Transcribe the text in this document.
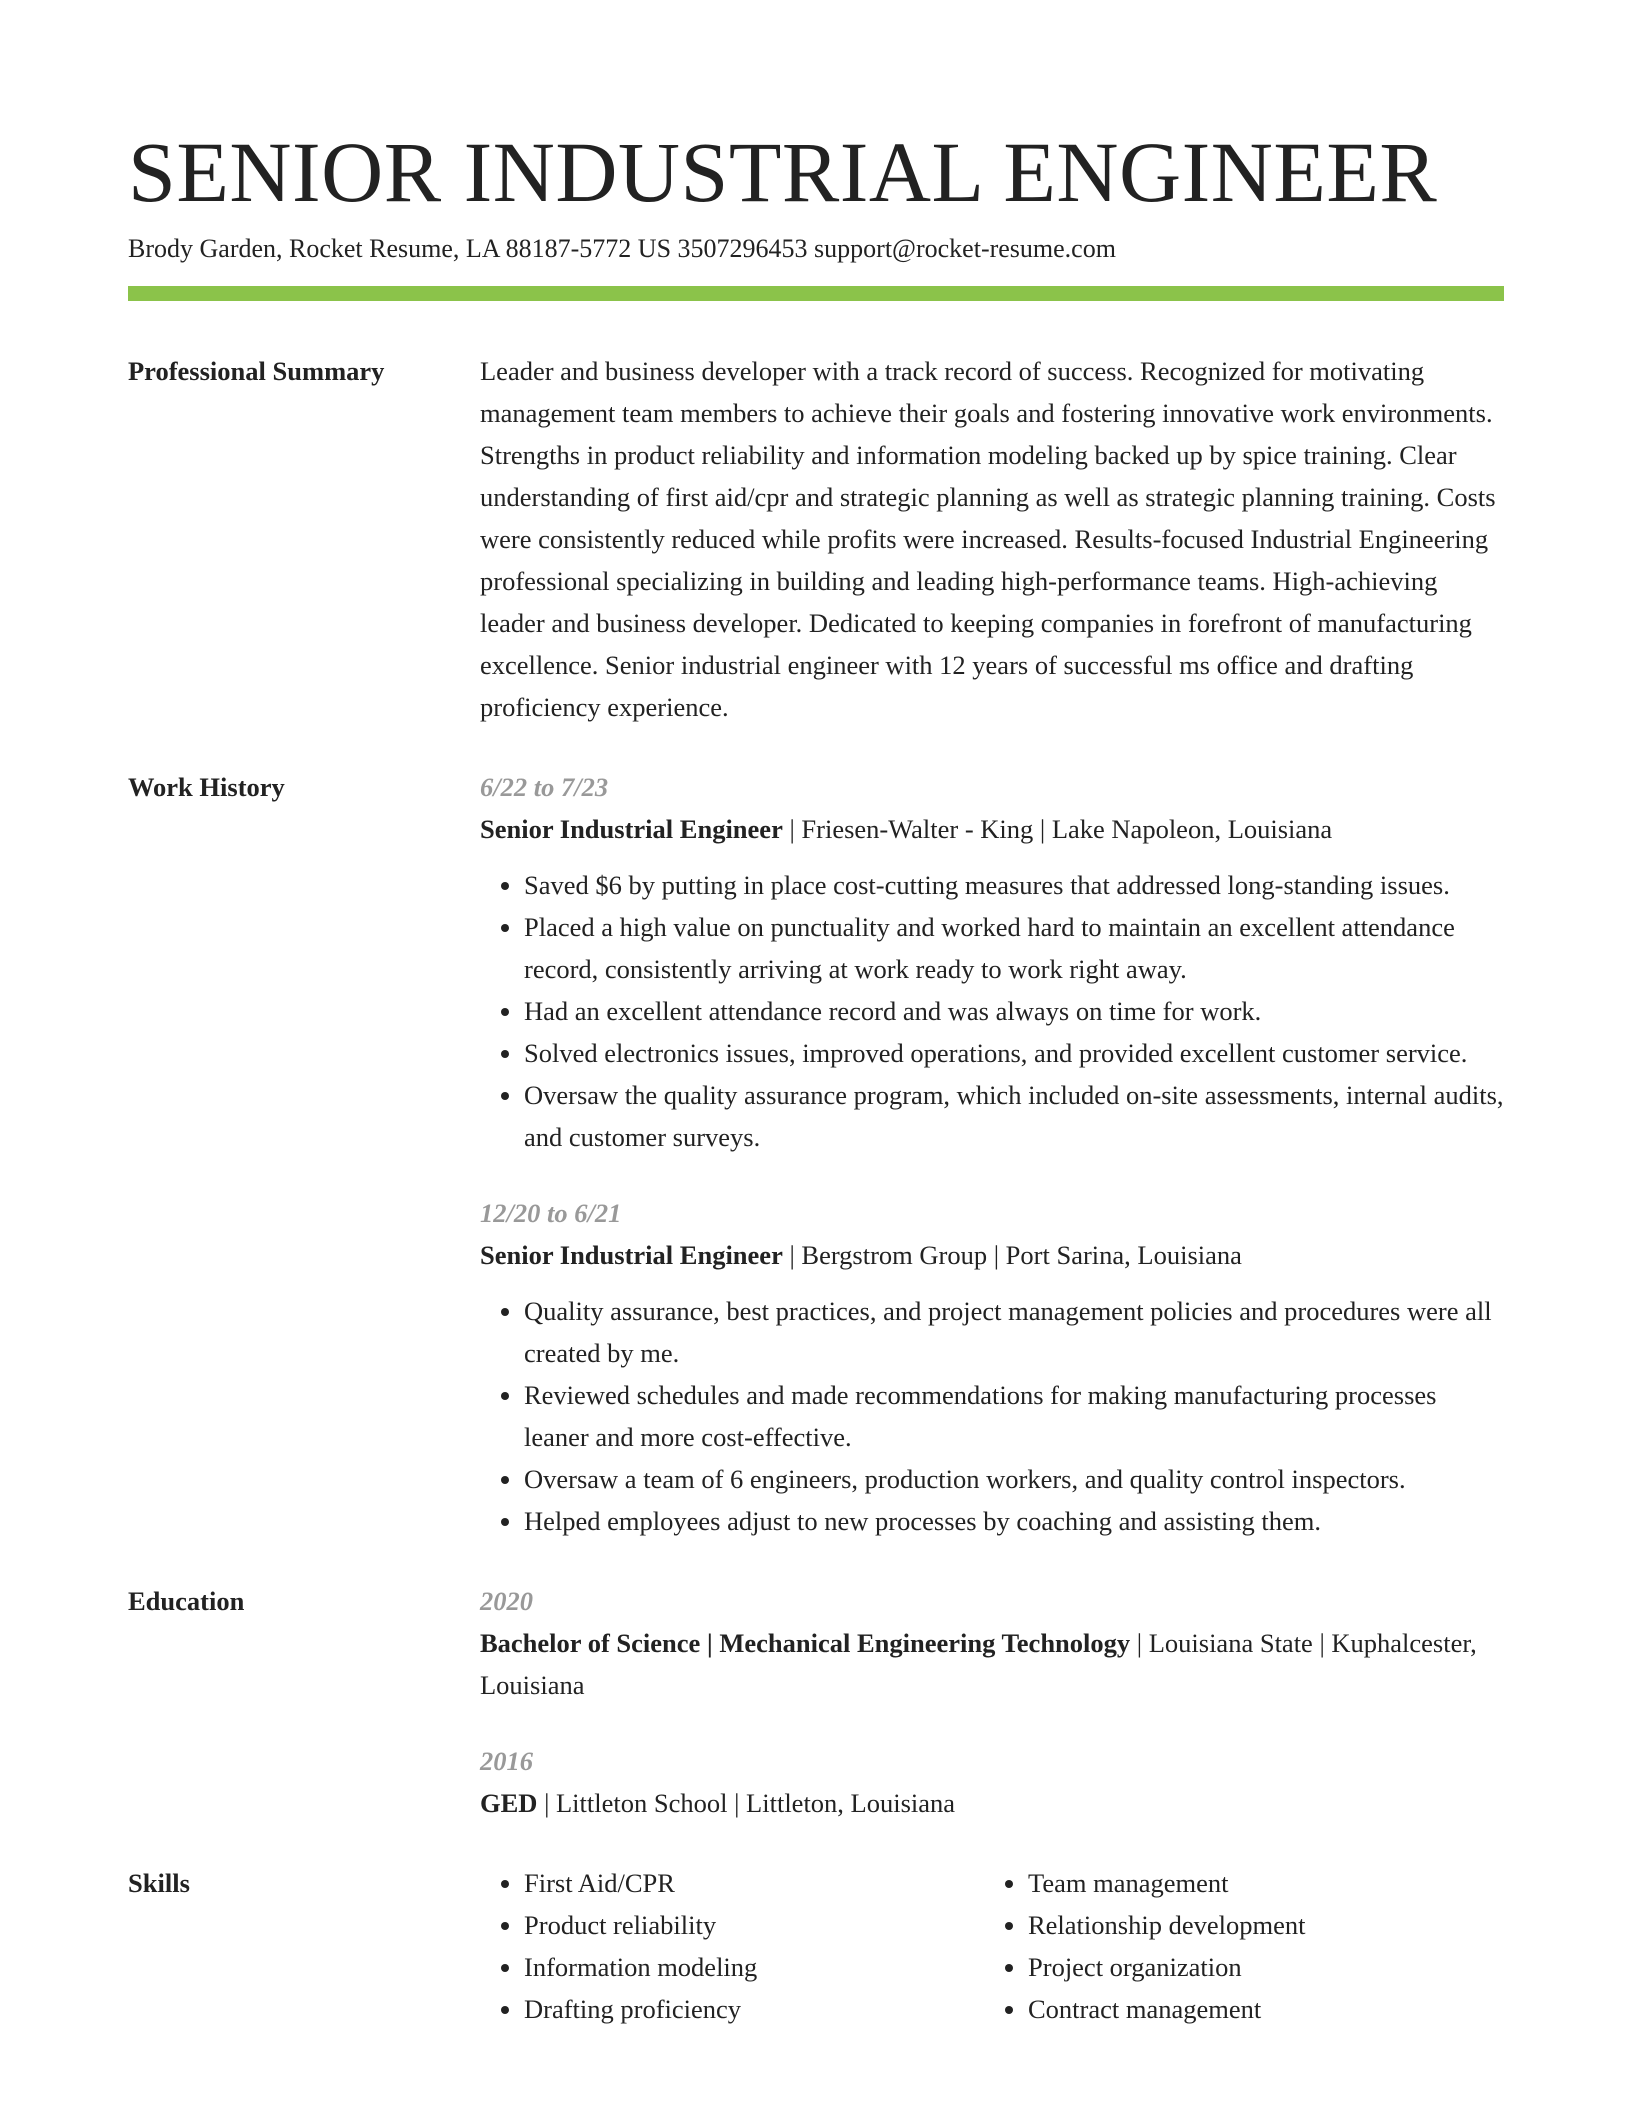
SENIOR INDUSTRIAL ENGINEER
Brody Garden, Rocket Resume, LA 88187-5772 US 3507296453 support@rocket-resume.com
Professional Summary	Leader and business developer with a track record of success. Recognized for motivating management team members to achieve their goals and fostering innovative work environments. Strengths in product reliability and information modeling backed up by spice training. Clear understanding of first aid/cpr and strategic planning as well as strategic planning training. Costs were consistently reduced while profits were increased. Results-focused Industrial Engineering professional specializing in building and leading high-performance teams. High-achieving leader and business developer. Dedicated to keeping companies in forefront of manufacturing excellence. Senior industrial engineer with 12 years of successful ms office and drafting proficiency experience.

Work History	6/22 to 7/23
Senior Industrial Engineer | Friesen-Walter - King | Lake Napoleon, Louisiana
• Saved $6 by putting in place cost-cutting measures that addressed long-standing issues.
• Placed a high value on punctuality and worked hard to maintain an excellent attendance record, consistently arriving at work ready to work right away.
• Had an excellent attendance record and was always on time for work.
• Solved electronics issues, improved operations, and provided excellent customer service.
• Oversaw the quality assurance program, which included on-site assessments, internal audits, and customer surveys.
12/20 to 6/21
Senior Industrial Engineer | Bergstrom Group | Port Sarina, Louisiana
• Quality assurance, best practices, and project management policies and procedures were all created by me.
• Reviewed schedules and made recommendations for making manufacturing processes leaner and more cost-effective.
• Oversaw a team of 6 engineers, production workers, and quality control inspectors.
• Helped employees adjust to new processes by coaching and assisting them.
Education	2020
Bachelor of Science | Mechanical Engineering Technology | Louisiana State | Kuphalcester, Louisiana
2016
GED | Littleton School | Littleton, Louisiana
Skills
•	First Aid/CPR
• Product reliability
• Information modeling
• Drafting proficiency
• Team management
• Relationship development
• Project organization
• Contract management
